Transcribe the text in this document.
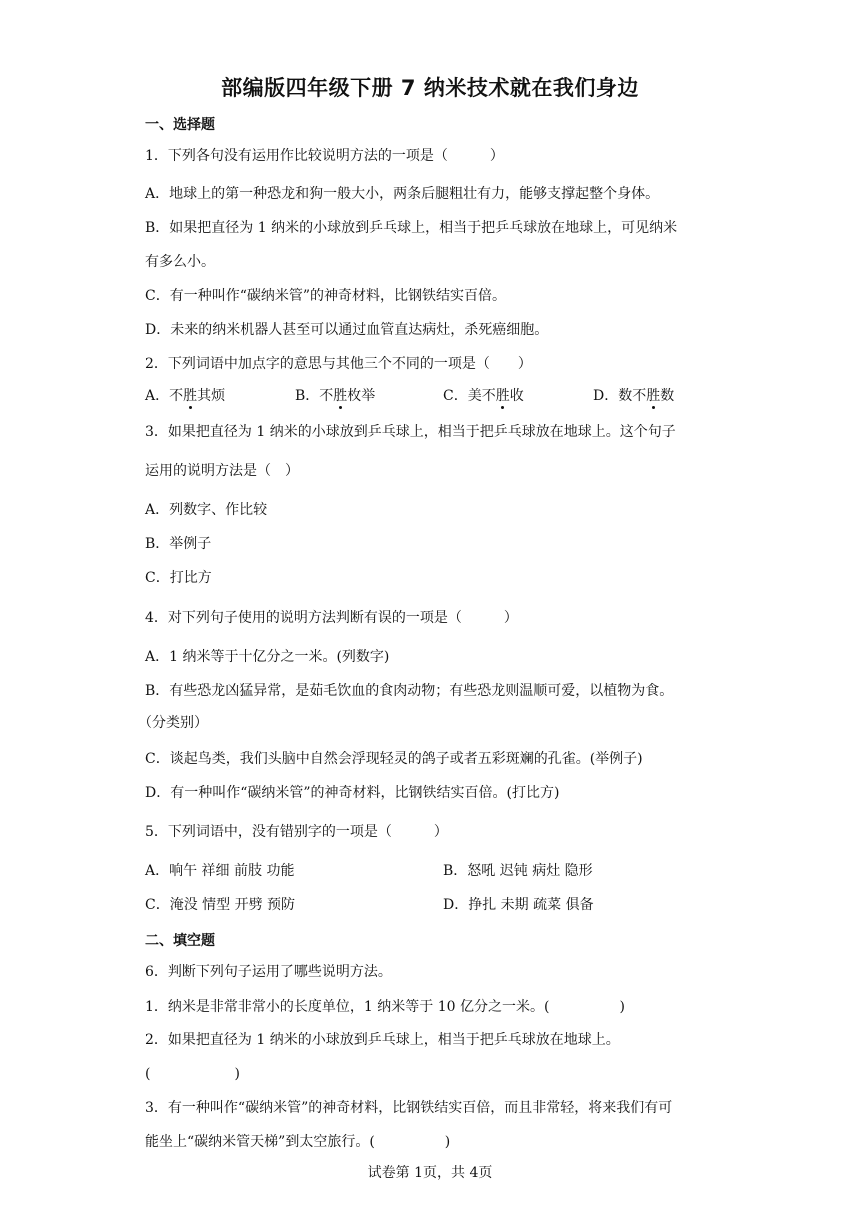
部编版四年级下册 7 纳米技术就在我们身边
一、选择题
1．下列各句没有运用作比较说明方法的一项是（　　　）
A．地球上的第一种恐龙和狗一般大小，两条后腿粗壮有力，能够支撑起整个身体。
B．如果把直径为 1 纳米的小球放到乒乓球上，相当于把乒乓球放在地球上，可见纳米
有多么小。
C．有一种叫作“碳纳米管”的神奇材料，比钢铁结实百倍。
D．未来的纳米机器人甚至可以通过血管直达病灶，杀死癌细胞。
2．下列词语中加点字的意思与其他三个不同的一项是（　　）
A．不胜其烦	B．不胜枚举	C．美不胜收	D．数不胜数
3．如果把直径为 1 纳米的小球放到乒乓球上，相当于把乒乓球放在地球上。这个句子
运用的说明方法是（　）
A．列数字、作比较
B．举例子
C．打比方
4．对下列句子使用的说明方法判断有误的一项是（　　　）
A．1 纳米等于十亿分之一米。(列数字)
B．有些恐龙凶猛异常，是茹毛饮血的食肉动物；有些恐龙则温顺可爱，以植物为食。
（分类别）
C．谈起鸟类，我们头脑中自然会浮现轻灵的鸽子或者五彩斑斓的孔雀。(举例子)
D．有一种叫作“碳纳米管”的神奇材料，比钢铁结实百倍。(打比方)
5．下列词语中，没有错别字的一项是（　　　）
A．响午 祥细 前肢 功能	B．怒吼 迟钝 病灶 隐形
C．淹没 情型 开劈 预防	D．挣扎 未期 疏菜 俱备
二、填空题
6．判断下列句子运用了哪些说明方法。
1．纳米是非常非常小的长度单位，1 纳米等于 10 亿分之一米。(　　　　　)
2．如果把直径为 1 纳米的小球放到乒乓球上，相当于把乒乓球放在地球上。
(　　　　　　)
3．有一种叫作“碳纳米管”的神奇材料，比钢铁结实百倍，而且非常轻，将来我们有可
能坐上“碳纳米管天梯”到太空旅行。(　　　　　)
试卷第 1页，共 4页
